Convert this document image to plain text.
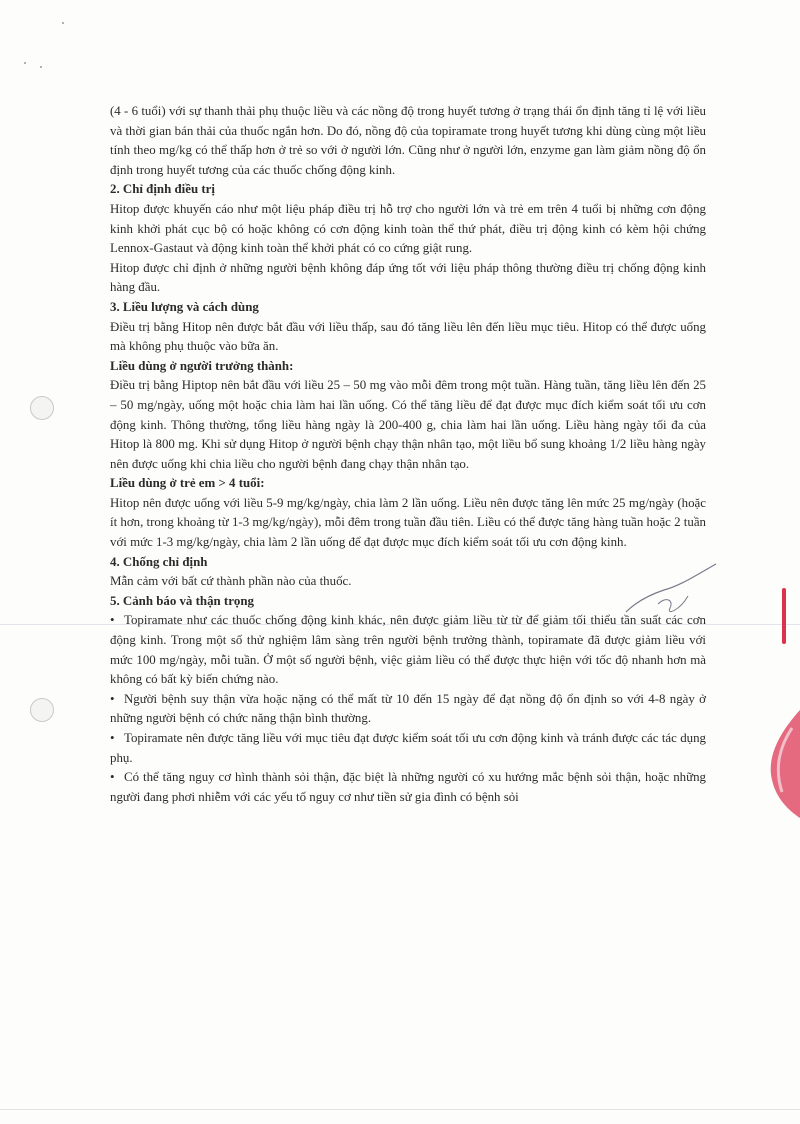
(4 - 6 tuổi) với sự thanh thải phụ thuộc liều và các nồng độ trong huyết tương ở trạng thái ổn định tăng tỉ lệ với liều và thời gian bán thải của thuốc ngắn hơn. Do đó, nồng độ của topiramate trong huyết tương khi dùng cùng một liều tính theo mg/kg có thể thấp hơn ở trẻ so với ở người lớn. Cũng như ở người lớn, enzyme gan làm giảm nồng độ ổn định trong huyết tương của các thuốc chống động kinh.

2. Chỉ định điều trị

Hitop được khuyến cáo như một liệu pháp điều trị hỗ trợ cho người lớn và trẻ em trên 4 tuổi bị những cơn động kinh khởi phát cục bộ có hoặc không có cơn động kinh toàn thể thứ phát, điều trị động kinh có kèm hội chứng Lennox-Gastaut và động kinh toàn thể khởi phát có co cứng giật rung.

Hitop được chỉ định ở những người bệnh không đáp ứng tốt với liệu pháp thông thường điều trị chống động kinh hàng đầu.

3. Liều lượng và cách dùng

Điều trị bằng Hitop nên được bắt đầu với liều thấp, sau đó tăng liều lên đến liều mục tiêu. Hitop có thể được uống mà không phụ thuộc vào bữa ăn.

Liều dùng ở người trưởng thành:

Điều trị bằng Hiptop nên bắt đầu với liều 25 – 50 mg vào mỗi đêm trong một tuần. Hàng tuần, tăng liều lên đến 25 – 50 mg/ngày, uống một hoặc chia làm hai lần uống. Có thể tăng liều để đạt được mục đích kiểm soát tối ưu cơn động kinh. Thông thường, tổng liều hàng ngày là 200-400 g, chia làm hai lần uống. Liều hàng ngày tối đa của Hitop là 800 mg. Khi sử dụng Hitop ở người bệnh chạy thận nhân tạo, một liều bổ sung khoảng 1/2 liều hàng ngày nên được uống khi chia liều cho người bệnh đang chạy thận nhân tạo.

Liều dùng ở trẻ em > 4 tuổi:

Hitop nên được uống với liều 5-9 mg/kg/ngày, chia làm 2 lần uống. Liều nên được tăng lên mức 25 mg/ngày (hoặc ít hơn, trong khoảng từ 1-3 mg/kg/ngày), mỗi đêm trong tuần đầu tiên. Liều có thể được tăng hàng tuần hoặc 2 tuần với mức 1-3 mg/kg/ngày, chia làm 2 lần uống để đạt được mục đích kiểm soát tối ưu cơn động kinh.

4. Chống chỉ định

Mẫn cảm với bất cứ thành phần nào của thuốc.

5. Cảnh báo và thận trọng

• Topiramate như các thuốc chống động kinh khác, nên được giảm liều từ từ để giảm tối thiểu tần suất các cơn động kinh. Trong một số thử nghiệm lâm sàng trên người bệnh trưởng thành, topiramate đã được giảm liều với mức 100 mg/ngày, mỗi tuần. Ở một số người bệnh, việc giảm liều có thể được thực hiện với tốc độ nhanh hơn mà không có bất kỳ biến chứng nào.

• Người bệnh suy thận vừa hoặc nặng có thể mất từ 10 đến 15 ngày để đạt nồng độ ổn định so với 4-8 ngày ở những người bệnh có chức năng thận bình thường.

• Topiramate nên được tăng liều với mục tiêu đạt được kiểm soát tối ưu cơn động kinh và tránh được các tác dụng phụ.

• Có thể tăng nguy cơ hình thành sỏi thận, đặc biệt là những người có xu hướng mắc bệnh sỏi thận, hoặc những người đang phơi nhiễm với các yếu tố nguy cơ như tiền sử gia đình có bệnh sỏi
